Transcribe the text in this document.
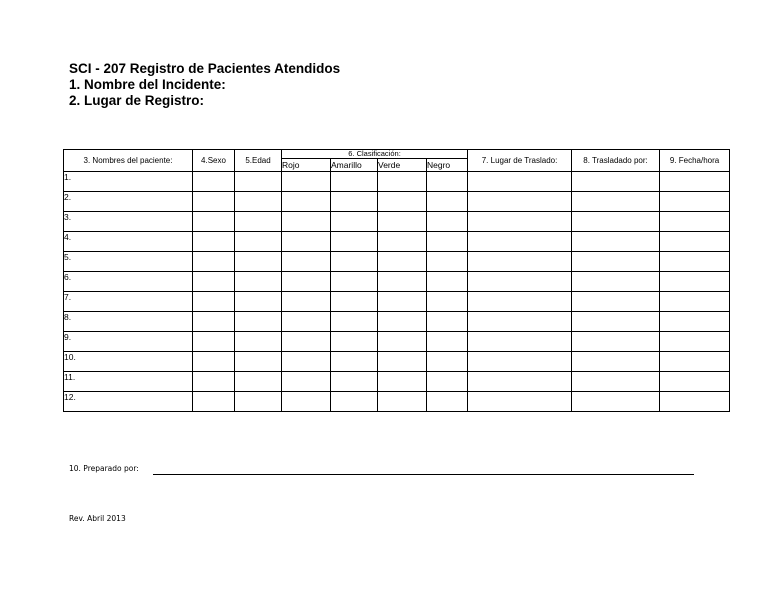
SCI - 207 Registro de Pacientes Atendidos
1. Nombre del Incidente:
2. Lugar de Registro:
3. Nombres del paciente:	4.Sexo	5.Edad	6. Clasificación:				7. Lugar de Traslado:	8. Trasladado por:	9. Fecha/hora
			Rojo	Amarillo	Verde	Negro			
1.									
2.									
3.									
4.									
5.									
6.									
7.									
8.									
9.									
10.									
11.									
12.									
10. Preparado por:
Rev. Abril 2013
